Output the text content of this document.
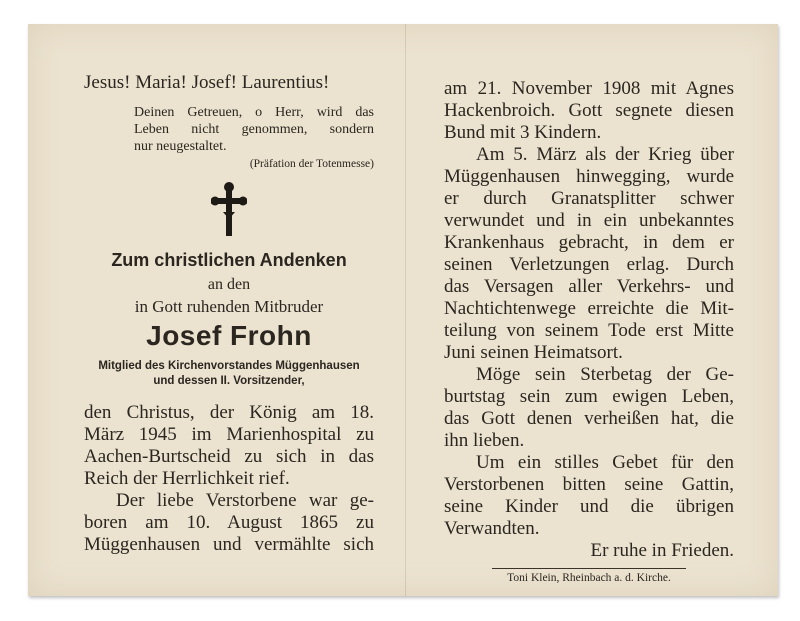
Jesus! Maria! Josef! Laurentius!
Deinen Getreuen, o Herr, wird das
Leben nicht genommen, sondern
nur neugestaltet.
(Präfation der Totenmesse)
Zum christlichen Andenken
an den
in Gott ruhenden Mitbruder
Josef Frohn
Mitglied des Kirchenvorstandes Müggenhausen
und dessen II. Vorsitzender,
den Christus, der König am 18.
März 1945 im Marienhospital zu
Aachen-Burtscheid zu sich in das
Reich der Herrlichkeit rief.
Der liebe Verstorbene war ge-
boren am 10. August 1865 zu
Müggenhausen und vermählte sich
am 21. November 1908 mit Agnes
Hackenbroich. Gott segnete diesen
Bund mit 3 Kindern.
Am 5. März als der Krieg über
Müggenhausen hinwegging, wurde
er durch Granatsplitter schwer
verwundet und in ein unbekanntes
Krankenhaus gebracht, in dem er
seinen Verletzungen erlag. Durch
das Versagen aller Verkehrs- und
Nachtichtenwege erreichte die Mit-
teilung von seinem Tode erst Mitte
Juni seinen Heimatsort.
Möge sein Sterbetag der Ge-
burtstag sein zum ewigen Leben,
das Gott denen verheißen hat, die
ihn lieben.
Um ein stilles Gebet für den
Verstorbenen bitten seine Gattin,
seine Kinder und die übrigen
Verwandten.
Er ruhe in Frieden.
Toni Klein, Rheinbach a. d. Kirche.
